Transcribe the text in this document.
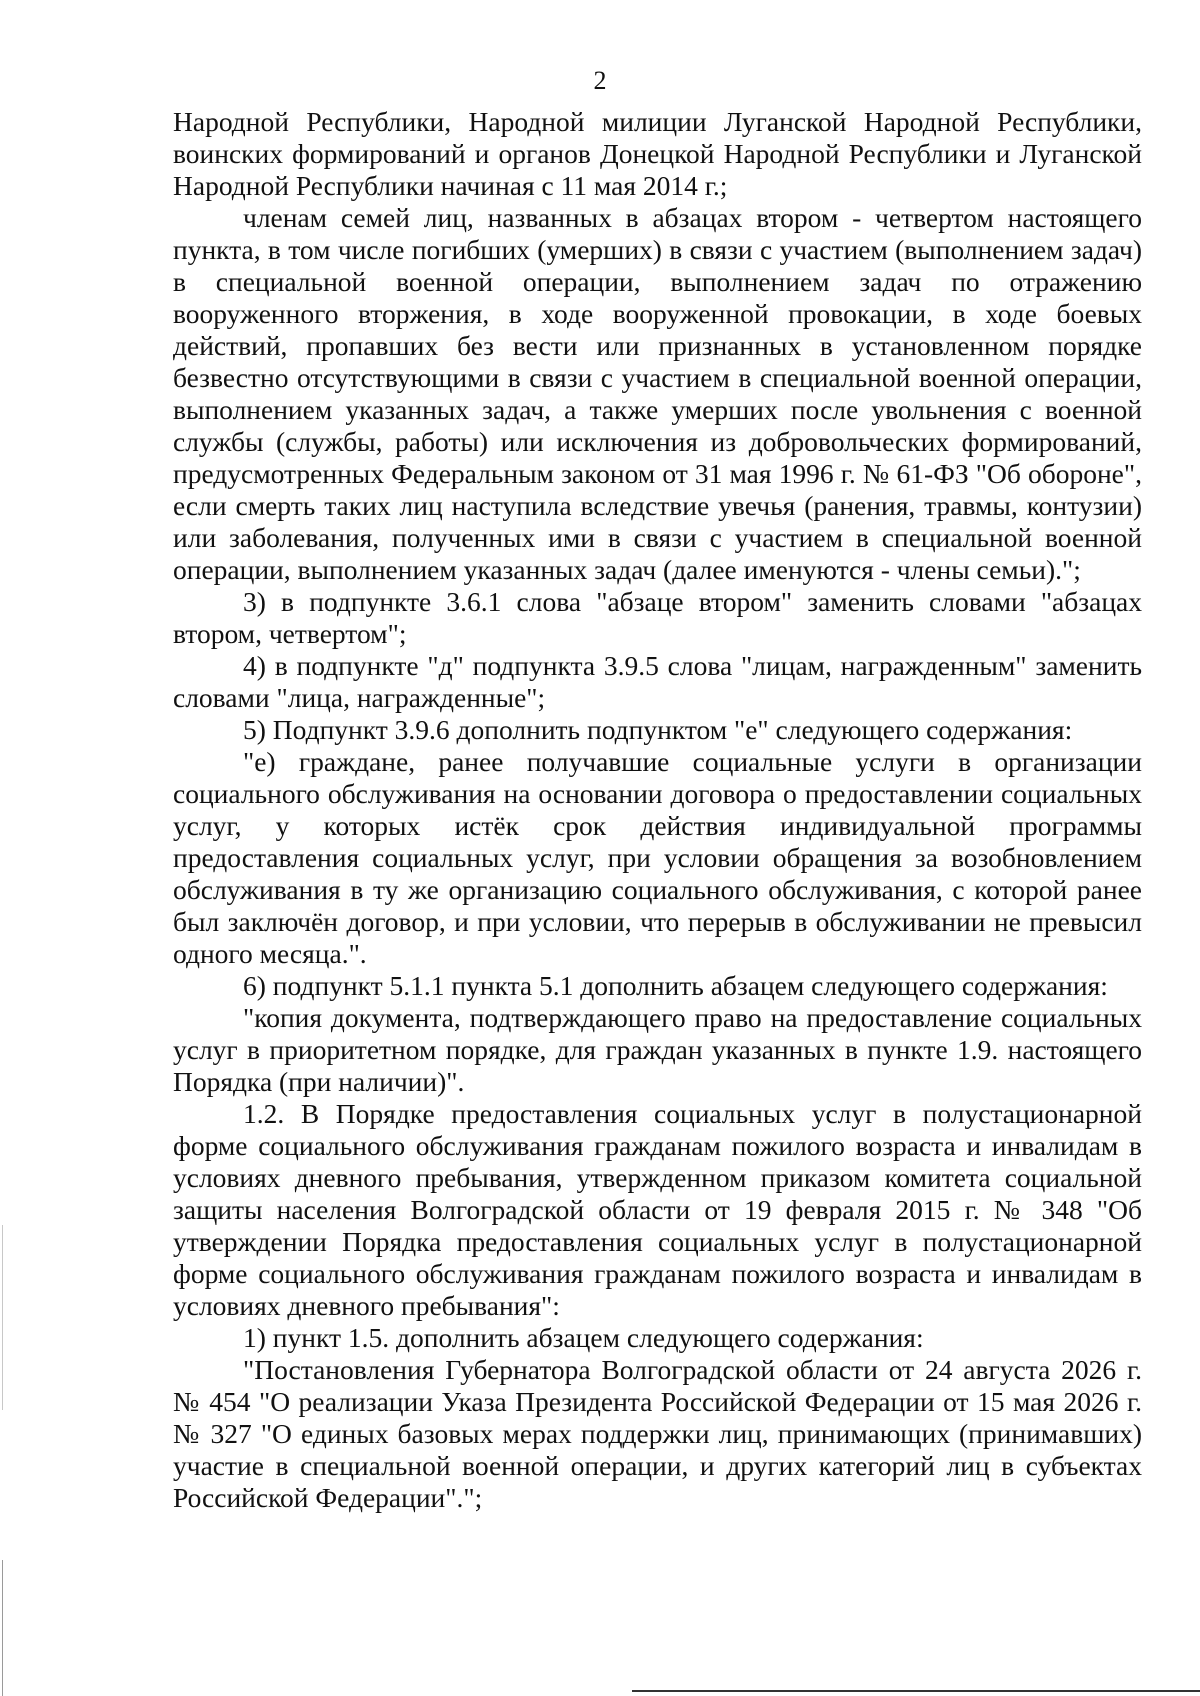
2

Народной Республики, Народной милиции Луганской Народной Республики, воинских формирований и органов Донецкой Народной Республики и Луганской Народной Республики начиная с 11 мая 2014 г.;

членам семей лиц, названных в абзацах втором - четвертом настоящего пункта, в том числе погибших (умерших) в связи с участием (выполнением задач) в специальной военной операции, выполнением задач по отражению вооруженного вторжения, в ходе вооруженной провокации, в ходе боевых действий, пропавших без вести или признанных в установленном порядке безвестно отсутствующими в связи с участием в специальной военной операции, выполнением указанных задач, а также умерших после увольнения с военной службы (службы, работы) или исключения из добровольческих формирований, предусмотренных Федеральным законом от 31 мая 1996 г. № 61-ФЗ "Об обороне", если смерть таких лиц наступила вследствие увечья (ранения, травмы, контузии) или заболевания, полученных ими в связи с участием в специальной военной операции, выполнением указанных задач (далее именуются - члены семьи).";

3) в подпункте 3.6.1 слова "абзаце втором" заменить словами "абзацах втором, четвертом";

4) в подпункте "д" подпункта 3.9.5 слова "лицам, награжденным" заменить словами "лица, награжденные";

5) Подпункт 3.9.6 дополнить подпунктом "е" следующего содержания:

"е) граждане, ранее получавшие социальные услуги в организации социального обслуживания на основании договора о предоставлении социальных услуг, у которых истёк срок действия индивидуальной программы предоставления социальных услуг, при условии обращения за возобновлением обслуживания в ту же организацию социального обслуживания, с которой ранее был заключён договор, и при условии, что перерыв в обслуживании не превысил одного месяца.".

6) подпункт 5.1.1 пункта 5.1 дополнить абзацем следующего содержания:

"копия документа, подтверждающего право на предоставление социальных услуг в приоритетном порядке, для граждан указанных в пункте 1.9. настоящего Порядка (при наличии)".

1.2. В Порядке предоставления социальных услуг в полустационарной форме социального обслуживания гражданам пожилого возраста и инвалидам в условиях дневного пребывания, утвержденном приказом комитета социальной защиты населения Волгоградской области от 19 февраля 2015 г. № 348 "Об утверждении Порядка предоставления социальных услуг в полустационарной форме социального обслуживания гражданам пожилого возраста и инвалидам в условиях дневного пребывания":

1) пункт 1.5. дополнить абзацем следующего содержания:

"Постановления Губернатора Волгоградской области от 24 августа 2026 г. № 454 "О реализации Указа Президента Российской Федерации от 15 мая 2026 г. № 327 "О единых базовых мерах поддержки лиц, принимающих (принимавших) участие в специальной военной операции, и других категорий лиц в субъектах Российской Федерации".";
